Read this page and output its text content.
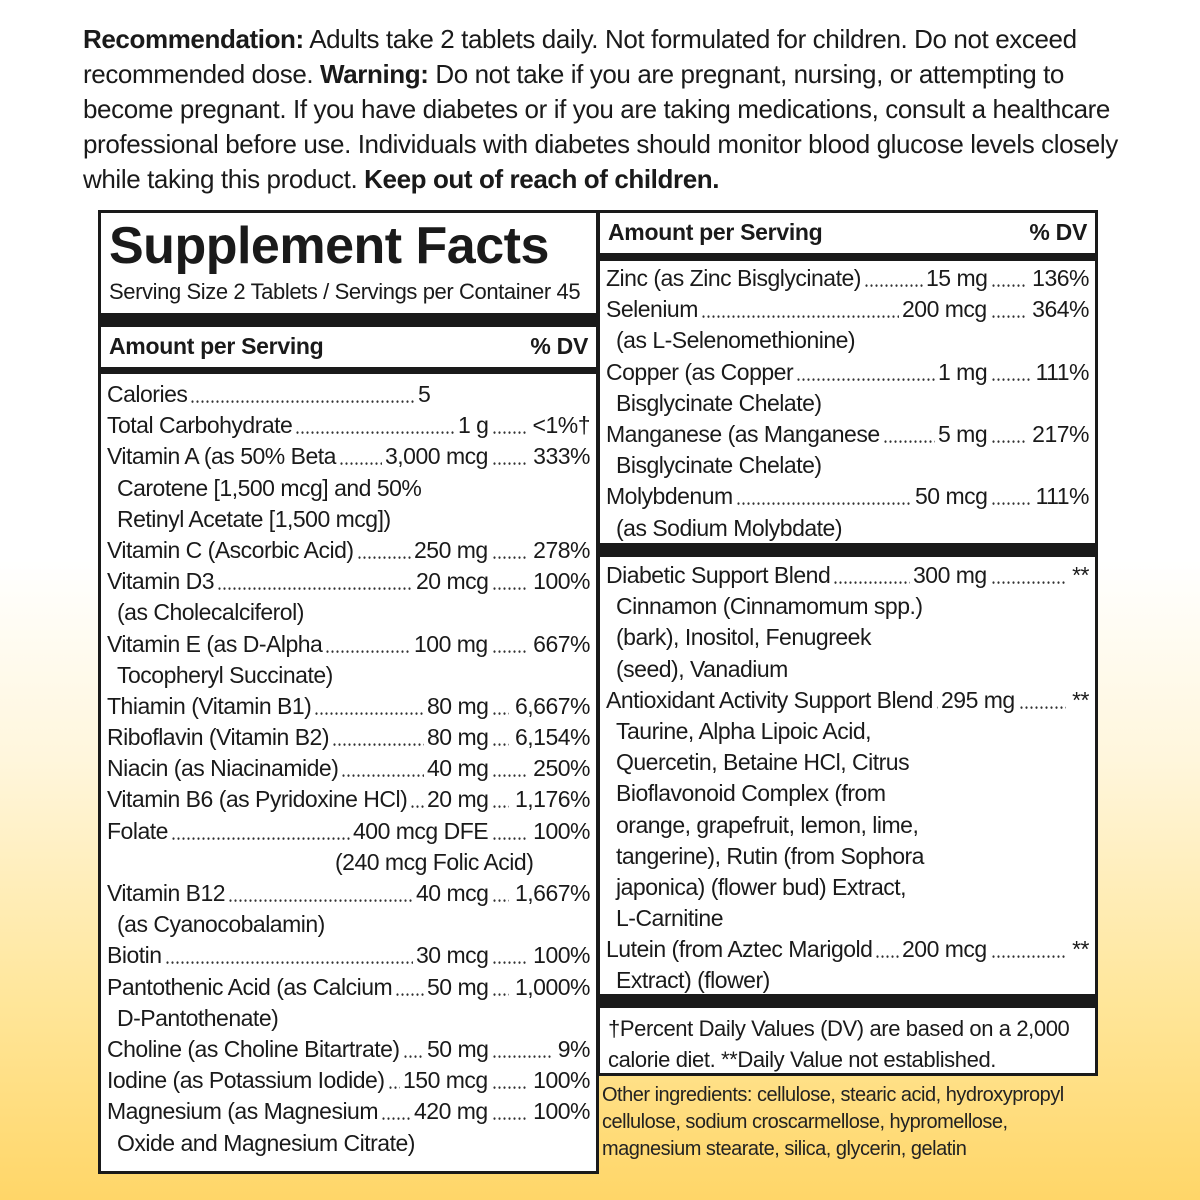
Recommendation: Adults take 2 tablets daily. Not formulated for children. Do not exceed recommended dose. Warning: Do not take if you are pregnant, nursing, or attempting to become pregnant. If you have diabetes or if you are taking medications, consult a healthcare professional before use. Individuals with diabetes should monitor blood glucose levels closely while taking this product. Keep out of reach of children.
Supplement Facts
Serving Size 2 Tablets / Servings per Container 45
Amount per Serving	% DV
Calories	5
Total Carbohydrate	1 g <1%†
Vitamin A (as 50% Beta 3,000 mcg 333%
Carotene [1,500 mcg] and 50%
Retinyl Acetate [1,500 mcg])
Vitamin C (Ascorbic Acid)	250 mg 278%
Vitamin D3	20 mcg 100%
(as Cholecalciferol)
Vitamin E (as D-Alpha	100 mg 667%
Tocopheryl Succinate)
Thiamin (Vitamin B1)	80 mg 6,667%
Riboflavin (Vitamin B2)	80 mg 6,154%
Niacin (as Niacinamide)	40 mg 250%
Vitamin B6 (as Pyridoxine HCl) 20 mg 1,176%
Folate	400 mcg DFE 100%
(240 mcg Folic Acid)
Vitamin B12	40 mcg 1,667%
(as Cyanocobalamin)
Biotin	30 mcg 100%
Pantothenic Acid (as Calcium 50 mg 1,000%
D-Pantothenate)
Choline (as Choline Bitartrate) 50 mg	9%
Iodine (as Potassium Iodide) 150 mcg 100%
Magnesium (as Magnesium 420 mg 100%
Oxide and Magnesium Citrate)
Amount per Serving	% DV
Zinc (as Zinc Bisglycinate)	15 mg 136%
Selenium	200 mcg 364%
(as L-Selenomethionine)
Copper (as Copper	1 mg 111%
Bisglycinate Chelate)
Manganese (as Manganese	5 mg 217%
Bisglycinate Chelate)
Molybdenum	50 mcg 111%
(as Sodium Molybdate)
Diabetic Support Blend	300 mg	**
Cinnamon (Cinnamomum spp.)
(bark), Inositol, Fenugreek
(seed), Vanadium
Antioxidant Activity Support Blend 295 mg **
Taurine, Alpha Lipoic Acid,
Quercetin, Betaine HCl, Citrus
Bioflavonoid Complex (from
orange, grapefruit, lemon, lime,
tangerine), Rutin (from Sophora
japonica) (flower bud) Extract,
L-Carnitine
Lutein (from Aztec Marigold 200 mcg	**
Extract) (flower)
†Percent Daily Values (DV) are based on a 2,000 calorie diet. **Daily Value not established.
Other ingredients: cellulose, stearic acid, hydroxypropyl cellulose, sodium croscarmellose, hypromellose, magnesium stearate, silica, glycerin, gelatin
